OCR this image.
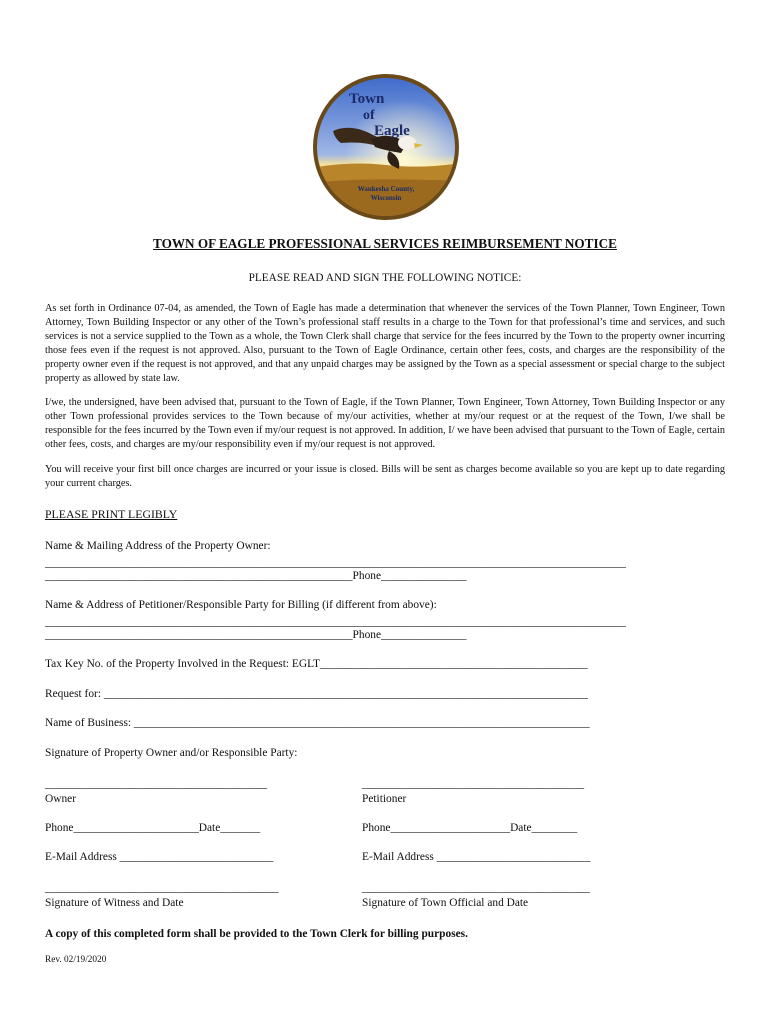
Town
of
Eagle
Waukesha County,
Wisconsin
TOWN OF EAGLE PROFESSIONAL SERVICES REIMBURSEMENT NOTICE
PLEASE READ AND SIGN THE FOLLOWING NOTICE:

As set forth in Ordinance 07-04, as amended, the Town of Eagle has made a determination that whenever the services of the Town Planner, Town Engineer, Town Attorney, Town Building Inspector or any other of the Town’s professional staff results in a charge to the Town for that professional’s time and services, and such services is not a service supplied to the Town as a whole, the Town Clerk shall charge that service for the fees incurred by the Town to the property owner incurring those fees even if the request is not approved. Also, pursuant to the Town of Eagle Ordinance, certain other fees, costs, and charges are the responsibility of the property owner even if the request is not approved, and that any unpaid charges may be assigned by the Town as a special assessment or special charge to the subject property as allowed by state law.

I/we, the undersigned, have been advised that, pursuant to the Town of Eagle, if the Town Planner, Town Engineer, Town Attorney, Town Building Inspector or any other Town professional provides services to the Town because of my/our activities, whether at my/our request or at the request of the Town, I/we shall be responsible for the fees incurred by the Town even if my/our request is not approved. In addition, I/ we have been advised that pursuant to the Town of Eagle, certain other fees, costs, and charges are my/our responsibility even if my/our request is not approved.

You will receive your first bill once charges are incurred or your issue is closed. Bills will be sent as charges become available so you are kept up to date regarding your current charges.

PLEASE PRINT LEGIBLY
Name & Mailing Address of the Property Owner:
______________________________________________________________________________________________________
______________________________________________________Phone_______________
Name & Address of Petitioner/Responsible Party for Billing (if different from above):
______________________________________________________________________________________________________
______________________________________________________Phone_______________
Tax Key No. of the Property Involved in the Request: EGLT_______________________________________________
Request for: _____________________________________________________________________________________
Name of Business: ________________________________________________________________________________
Signature of Property Owner and/or Responsible Party:
_______________________________________	_______________________________________
Owner	Petitioner
Phone______________________Date_______	Phone_____________________Date________
E-Mail Address ___________________________	E-Mail Address ___________________________
_________________________________________	________________________________________
Signature of Witness and Date	Signature of Town Official and Date
A copy of this completed form shall be provided to the Town Clerk for billing purposes.
Rev. 02/19/2020
